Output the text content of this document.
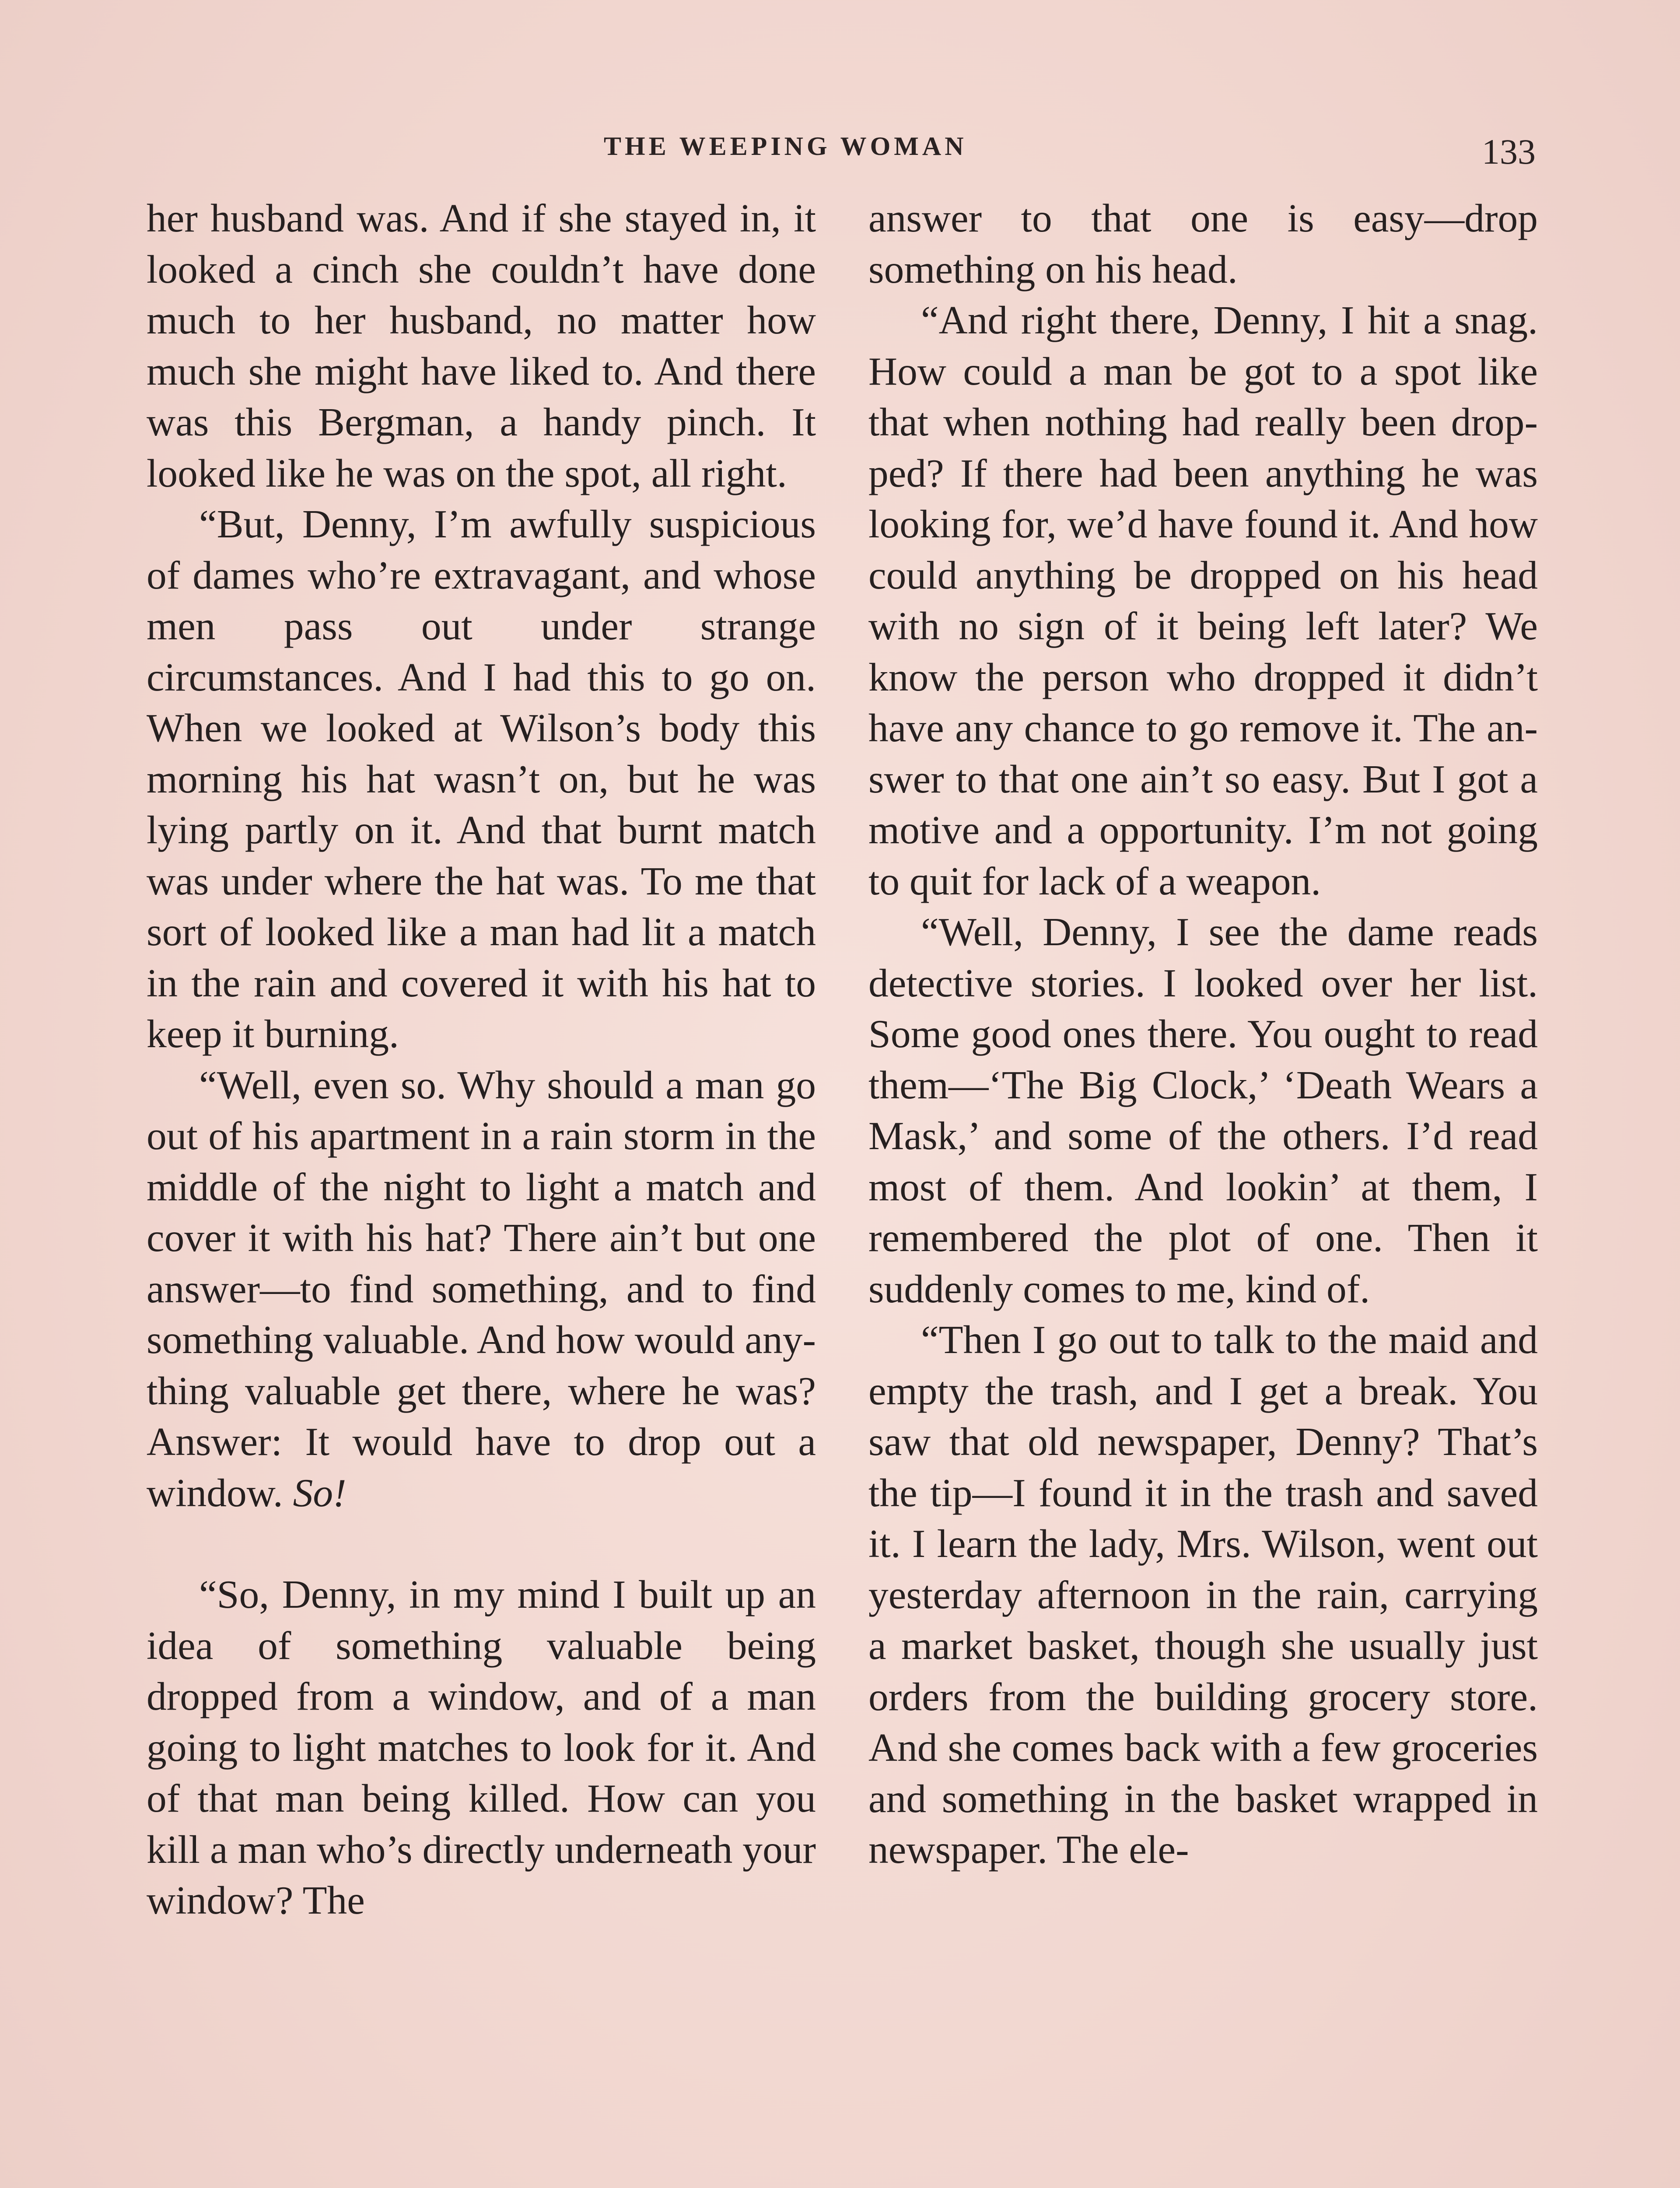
THE WEEPING WOMAN	133

her husband was. And if she stayed in, it looked a cinch she couldn’t have done much to her husband, no matter how much she might have liked to. And there was this Bergman, a handy pinch. It looked like he was on the spot, all right.

“But, Denny, I’m awfully suspicious of dames who’re extravagant, and whose men pass out under strange circumstances. And I had this to go on. When we looked at Wilson’s body this morning his hat wasn’t on, but he was lying partly on it. And that burnt match was under where the hat was. To me that sort of looked like a man had lit a match in the rain and covered it with his hat to keep it burning.

“Well, even so. Why should a man go out of his apartment in a rain storm in the middle of the night to light a match and cover it with his hat? There ain’t but one answer—to find something, and to find something valuable. And how would anything valuable get there, where he was? Answer: It would have to drop out a window. So!

“So, Denny, in my mind I built up an idea of something valuable being dropped from a window, and of a man going to light matches to look for it. And of that man being killed. How can you kill a man who’s directly underneath your window? The

answer to that one is easy—drop something on his head.

“And right there, Denny, I hit a snag. How could a man be got to a spot like that when nothing had really been dropped? If there had been anything he was looking for, we’d have found it. And how could anything be dropped on his head with no sign of it being left later? We know the person who dropped it didn’t have any chance to go remove it. The answer to that one ain’t so easy. But I got a motive and a opportunity. I’m not going to quit for lack of a weapon.

“Well, Denny, I see the dame reads detective stories. I looked over her list. Some good ones there. You ought to read them—‘The Big Clock,’ ‘Death Wears a Mask,’ and some of the others. I’d read most of them. And lookin’ at them, I remembered the plot of one. Then it suddenly comes to me, kind of.

“Then I go out to talk to the maid and empty the trash, and I get a break. You saw that old newspaper, Denny? That’s the tip—I found it in the trash and saved it. I learn the lady, Mrs. Wilson, went out yesterday afternoon in the rain, carrying a market basket, though she usually just orders from the building grocery store. And she comes back with a few groceries and something in the basket wrapped in newspaper. The ele-
